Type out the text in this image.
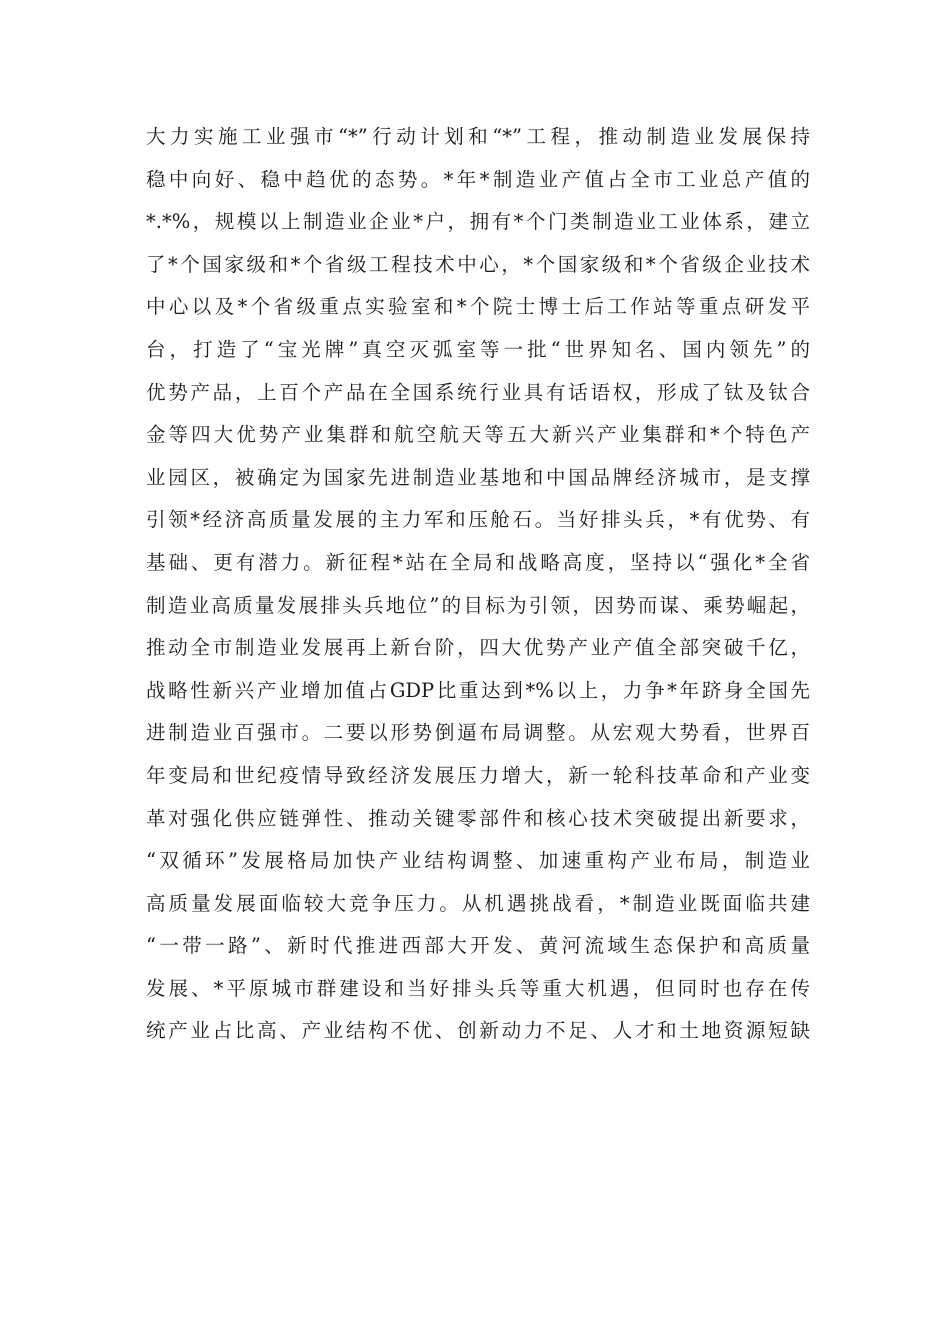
大力实施工业强市“*”行动计划和“*”工程，推动制造业发展保持
稳中向好、稳中趋优的态势。*年*制造业产值占全市工业总产值的
*.*%，规模以上制造业企业*户，拥有*个门类制造业工业体系，建立
了*个国家级和*个省级工程技术中心，*个国家级和*个省级企业技术
中心以及*个省级重点实验室和*个院士博士后工作站等重点研发平
台，打造了“宝光牌”真空灭弧室等一批“世界知名、国内领先”的
优势产品，上百个产品在全国系统行业具有话语权，形成了钛及钛合
金等四大优势产业集群和航空航天等五大新兴产业集群和*个特色产
业园区，被确定为国家先进制造业基地和中国品牌经济城市，是支撑
引领*经济高质量发展的主力军和压舱石。当好排头兵，*有优势、有
基础、更有潜力。新征程*站在全局和战略高度，坚持以“强化*全省
制造业高质量发展排头兵地位”的目标为引领，因势而谋、乘势崛起，
推动全市制造业发展再上新台阶，四大优势产业产值全部突破千亿，
战略性新兴产业增加值占GDP比重达到*%以上，力争*年跻身全国先
进制造业百强市。二要以形势倒逼布局调整。从宏观大势看，世界百
年变局和世纪疫情导致经济发展压力增大，新一轮科技革命和产业变
革对强化供应链弹性、推动关键零部件和核心技术突破提出新要求，
“双循环”发展格局加快产业结构调整、加速重构产业布局，制造业
高质量发展面临较大竞争压力。从机遇挑战看，*制造业既面临共建
“一带一路”、新时代推进西部大开发、黄河流域生态保护和高质量
发展、*平原城市群建设和当好排头兵等重大机遇，但同时也存在传
统产业占比高、产业结构不优、创新动力不足、人才和土地资源短缺
